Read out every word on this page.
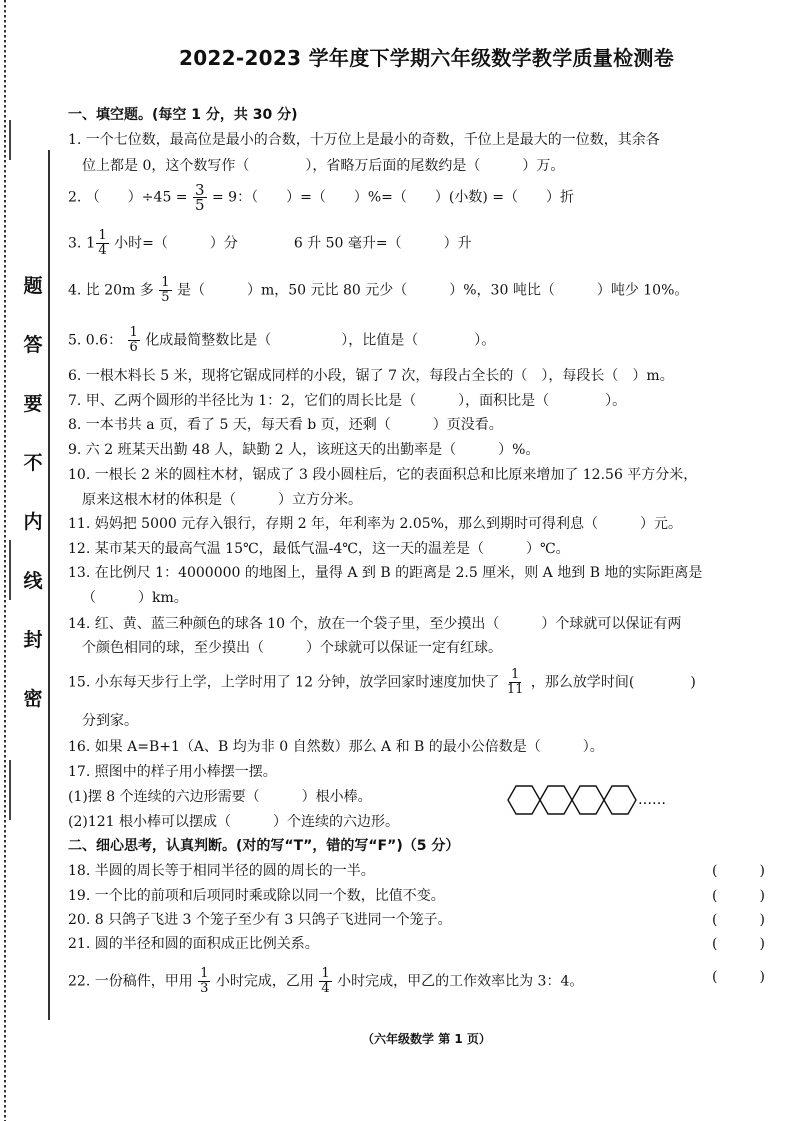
题
答
要
不
内
线
封
密
2022-2023 学年度下学期六年级数学教学质量检测卷
一、填空题。(每空 1 分，共 30 分)
1. 一个七位数，最高位是最小的合数，十万位上是最小的奇数，千位上是最大的一位数，其余各
位上都是 0，这个数写作（　　　　），省略万后面的尾数约是（　　　）万。
2. （　　）$\div 45 = \frac{3}{5} = 9$：（　　）=（　　）%=（　　）(小数) =（　　）折
3. $1 \frac{1}{4}$ 小时=（　　　）分　　　　6 升 50 毫升=（　　　）升
4. 比 20m 多 $\frac{1}{5}$ 是（　　　）m，50 元比 80 元少（　　　）%，30 吨比（　　　）吨少 10%。
5. 0.6： $\frac{1}{6}$ 化成最简整数比是（　　　　　），比值是（　　　　）。
6. 一根木料长 5 米，现将它锯成同样的小段，锯了 7 次，每段占全长的（　），每段长（　）m。
7. 甲、乙两个圆形的半径比为 1：2，它们的周长比是（　　　），面积比是（　　　　）。
8. 一本书共 a 页，看了 5 天，每天看 b 页，还剩（　　　）页没看。
9. 六 2 班某天出勤 48 人，缺勤 2 人，该班这天的出勤率是（　　　）%。
10. 一根长 2 米的圆柱木材，锯成了 3 段小圆柱后，它的表面积总和比原来增加了 12.56 平方分米，
原来这根木材的体积是（　　　）立方分米。
11. 妈妈把 5000 元存入银行，存期 2 年，年利率为 2.05%，那么到期时可得利息（　　　）元。
12. 某市某天的最高气温 15℃，最低气温-4℃，这一天的温差是（　　　）℃。
13. 在比例尺 1：4000000 的地图上，量得 A 到 B 的距离是 2.5 厘米，则 A 地到 B 地的实际距离是
（　　　）km。
14. 红、黄、蓝三种颜色的球各 10 个，放在一个袋子里，至少摸出（　　　）个球就可以保证有两
个颜色相同的球，至少摸出（　　　）个球就可以保证一定有红球。
15. 小东每天步行上学，上学时用了 12 分钟，放学回家时速度加快了 $\frac{1}{11}$ ，那么放学时间(　　　　)
分到家。
16. 如果 A=B+1（A、B 均为非 0 自然数）那么 A 和 B 的最小公倍数是（　　　）。
17. 照图中的样子用小棒摆一摆。
(1)摆 8 个连续的六边形需要（　　　）根小棒。
(2)121 根小棒可以摆成（　　　）个连续的六边形。
……
二、细心思考，认真判断。(对的写“T”，错的写“F”)（5 分）
18. 半圆的周长等于相同半径的圆的周长的一半。	(　　　)
19. 一个比的前项和后项同时乘或除以同一个数，比值不变。	(　　　)
20. 8 只鸽子飞进 3 个笼子至少有 3 只鸽子飞进同一个笼子。	(　　　)
21. 圆的半径和圆的面积成正比例关系。	(　　　)
22. 一份稿件，甲用 $\frac{1}{3}$ 小时完成，乙用 $\frac{1}{4}$ 小时完成，甲乙的工作效率比为 3：4。	(　　　)
（六年级数学 第 1 页）
